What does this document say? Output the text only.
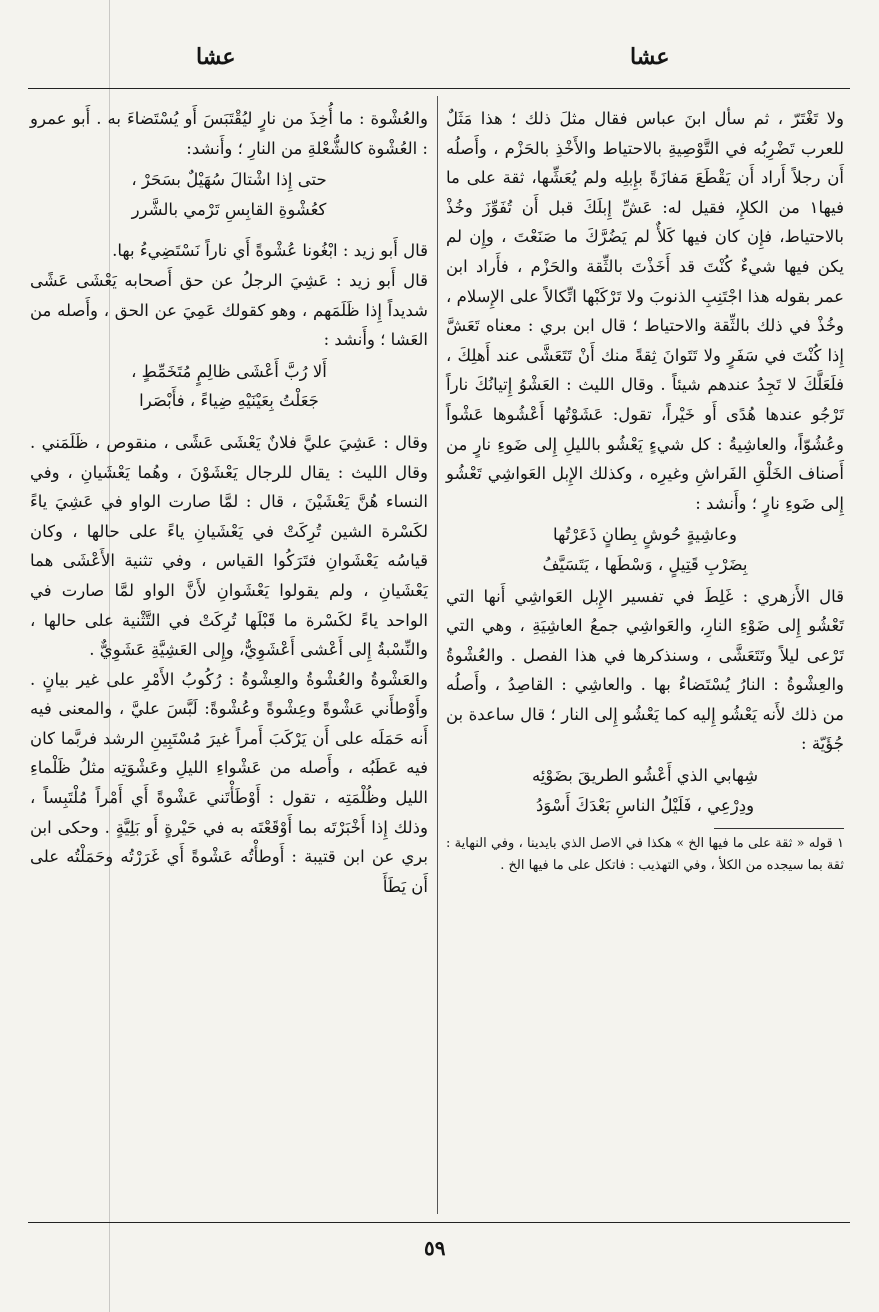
عشا
عشا

ولا تَغْتَرّ ، ثم سأل ابنَ عباس فقال مثلَ ذلك ؛ هذا مَثَلٌ للعرب تَضْرِبُه في التَّوْصِيةِ بالاحتياط والأَخْذِ بالحَزْم ، وأَصلُه أَن رجلاً أَراد أَن يَقْطَعَ مَفازَةً بإِبلِه ولم يُعَشِّها، ثقة على ما فيها١ من الكلإِ، فقيل له: عَشِّ إِبلَكَ قبل أَن تُفَوِّزَ وخُذْ بالاحتياط، فإِن كان فيها كَلأٌ لم يَضُرَّكَ ما صَنَعْتَ ، وإِن لم يكن فيها شيءٌ كُنْتَ قد أَخَذْتَ بالثِّقة والحَزْم ، فأَراد ابن عمر بقوله هذا اجْتَنِبِ الذنوبَ ولا تَرْكَبْها اتِّكالاً على الإِسلام ، وخُذْ في ذلك بالثِّقة والاحتياط ؛ قال ابن بري : معناه تَعَشَّ إِذا كُنْتَ في سَفَرٍ ولا تَتَوانَ ثِقةً منك أَنْ تَتَعَشَّى عند أَهلِكَ ، فلَعَلَّكَ لا تَجِدُ عندهم شيئاً . وقال الليث : العَشْوُ إِتيانُكَ ناراً تَرْجُو عندها هُدًى أَو خَيْراً، تقول: عَشَوْتُها أَعْشُوها عَشْواً وعُشُوّاً، والعاشِيةُ : كل شيءٍ يَعْشُو بالليلِ إِلى ضَوءِ نارٍ من أَصناف الخَلْقِ الفَراشِ وغيرِه ، وكذلك الإِبل العَواشِي تَعْشُو إِلى ضَوءِ نارٍ ؛ وأَنشد :

وعاشِيةٍ حُوشٍ بِطانٍ ذَعَرْتُها
بِضَرْبِ قَتِيلٍ ، وَسْطَها ، يَتَسَيَّفُ

قال الأَزهري : غَلِطَ في تفسير الإِبل العَواشِي أَنها التي تَعْشُو إِلى ضَوْءِ النارِ، والعَواشِي جمعُ العاشِيَةِ ، وهي التي تَرْعى ليلاً وتَتَعَشَّى ، وسنذكرها في هذا الفصل . والعُشْوةُ والعِشْوةُ : النارُ يُسْتَضاءُ بها . والعاشِي : القاصِدُ ، وأَصلُه من ذلك لأَنه يَعْشُو إِليه كما يَعْشُو إِلى النار ؛ قال ساعدة بن جُؤَيّة :

شِهابي الذي أَعْشُو الطريقَ بضَوْئِه
ودِرْعِي ، فَلَيْلُ الناسِ بَعْدَكَ أَسْوَدُ

١ قوله « ثقة على ما فيها الخ » هكذا في الاصل الذي بايدينا ، وفي النهاية : ثقة بما سيجده من الكلأ ، وفي التهذيب : فاتكل على ما فيها الخ .

والعُشْوة : ما أُخِذَ من نارٍ ليُقْتَبَسَ أَو يُسْتَضاءَ به . أَبو عمرو : العُشْوة كالشُّعْلةِ من النارِ ؛ وأَنشد:

حتى إِذا اشْتالَ سُهَيْلٌ بسَحَرْ ،
كعُشْوةِ القابِسِ تَرْمي بالشَّرر

قال أَبو زيد : ابْغُونا عُشْوةً أَي ناراً نَسْتَضِيءُ بها.

قال أَبو زيد : عَشِيَ الرجلُ عن حق أَصحابه يَعْشَى عَشًى شديداً إِذا ظَلَمَهم ، وهو كقولك عَمِيَ عن الحق ، وأَصله من العَشا ؛ وأَنشد :

أَلا رُبَّ أَعْشَى ظالِمٍ مُتَخَمِّطٍ ،
جَعَلْتُ بِعَيْنَيْهِ ضِياءً ، فأَبْصَرا

وقال : عَشِيَ عليَّ فلانٌ يَعْشَى عَشًى ، منقوص ، ظَلَمَني . وقال الليث : يقال للرجال يَعْشَوْنَ ، وهُما يَعْشَيانِ ، وفي النساء هُنَّ يَعْشَيْنَ ، قال : لمَّا صارت الواو في عَشِيَ ياءً لكَسْرة الشين تُرِكَتْ في يَعْشَيانِ ياءً على حالها ، وكان قياسُه يَعْشَوانِ فتَرَكُوا القياس ، وفي تثنية الأَعْشَى هما يَعْشَيانِ ، ولم يقولوا يَعْشَوانِ لأَنَّ الواو لمَّا صارت في الواحد ياءً لكَسْرة ما قَبْلَها تُرِكَتْ في التَّثْنية على حالها ، والنِّسْبةُ إِلى أَعْشى أَعْشَوِيٌّ، وإِلى العَشِيَّةِ عَشَوِيٌّ .

والعَشْوةُ والعُشْوةُ والعِشْوةُ : رُكُوبُ الأَمْرِ على غير بيانٍ . وأَوْطأَني عَشْوةً وعِشْوةً وعُشْوةً: لَبَّسَ عليَّ ، والمعنى فيه أَنه حَمَلَه على أَن يَرْكَبَ أَمراً غيرَ مُسْتَبِينِ الرشد فربَّما كان فيه عَطَبُه ، وأَصله من عَشْواءِ الليلِ وعَشْوَتِه مثلُ ظَلْماءِ الليل وظُلْمَتِه ، تقول : أَوْطَأْتَني عَشْوةً أَي أَمْراً مُلْتَبِساً ، وذلك إِذا أَخْبَرْتَه بما أَوْقَعْتَه به في حَيْرةٍ أَو بَلِيَّةٍ . وحكى ابن بري عن ابن قتيبة : أَوطأْتُه عَشْوةً أَي غَرَرْتُه وحَمَلْتُه على أَن يَطَأَ

٥٩
